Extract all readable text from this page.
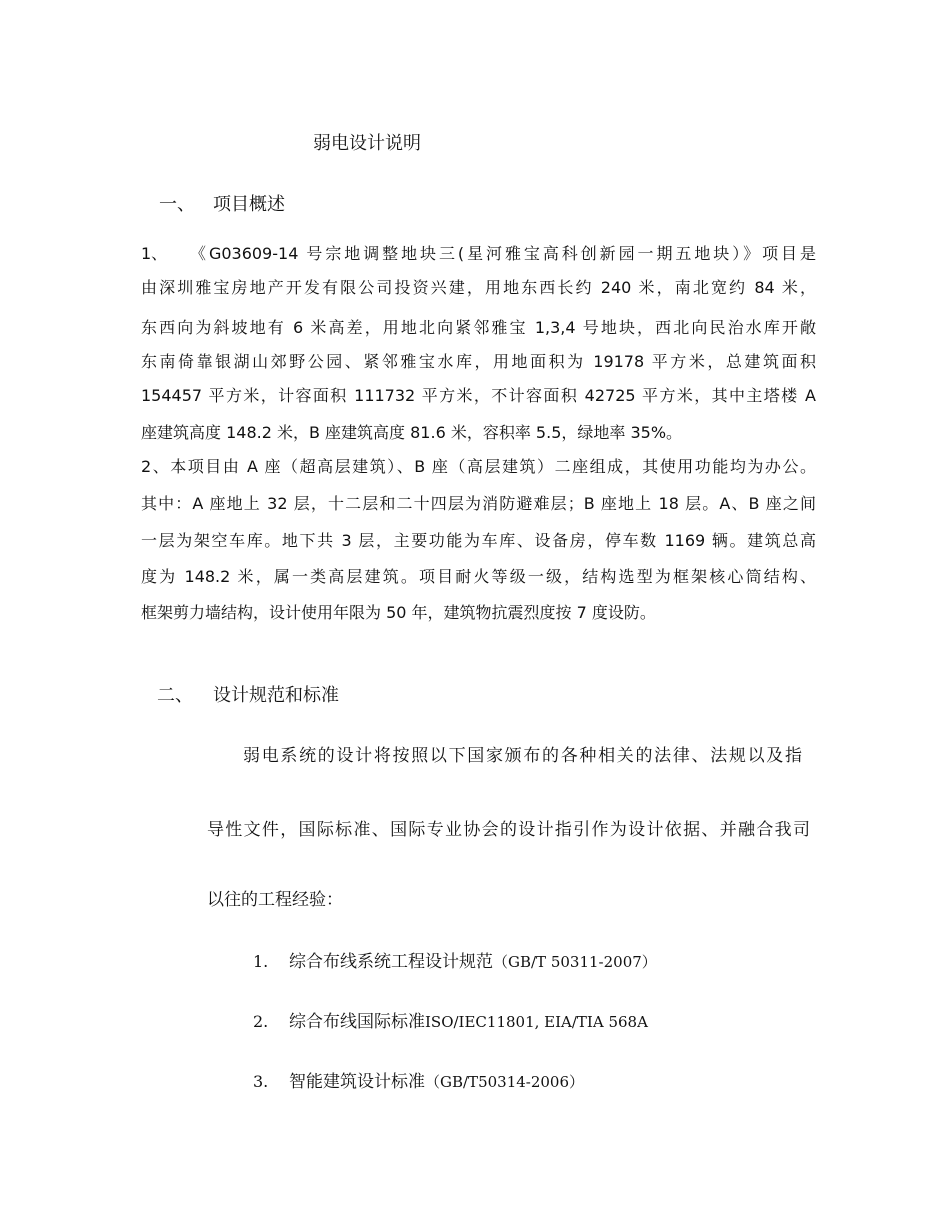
弱电设计说明
一、 项目概述
1、 《G03609-14 号宗地调整地块三(星河雅宝高科创新园一期五地块）》项目是
由深圳雅宝房地产开发有限公司投资兴建，用地东西长约 240 米，南北宽约 84 米，
东西向为斜坡地有 6 米高差，用地北向紧邻雅宝 1,3,4 号地块，西北向民治水库开敞
东南倚靠银湖山郊野公园、紧邻雅宝水库，用地面积为 19178 平方米，总建筑面积
154457 平方米，计容面积 111732 平方米，不计容面积 42725 平方米，其中主塔楼 A
座建筑高度 148.2 米，B 座建筑高度 81.6 米，容积率 5.5，绿地率 35%。
2、本项目由 A 座（超高层建筑）、B 座（高层建筑）二座组成，其使用功能均为办公。
其中：A 座地上 32 层，十二层和二十四层为消防避难层；B 座地上 18 层。A、B 座之间
一层为架空车库。地下共 3 层，主要功能为车库、设备房，停车数 1169 辆。建筑总高
度为 148.2 米，属一类高层建筑。项目耐火等级一级，结构选型为框架核心筒结构、
框架剪力墙结构，设计使用年限为 50 年，建筑物抗震烈度按 7 度设防。
二、 设计规范和标准
弱电系统的设计将按照以下国家颁布的各种相关的法律、法规以及指
导性文件，国际标准、国际专业协会的设计指引作为设计依据、并融合我司
以往的工程经验：
1. 综合布线系统工程设计规范（GB/T 50311-2007）
2. 综合布线国际标准ISO/IEC11801, EIA/TIA 568A
3. 智能建筑设计标准（GB/T50314-2006）
